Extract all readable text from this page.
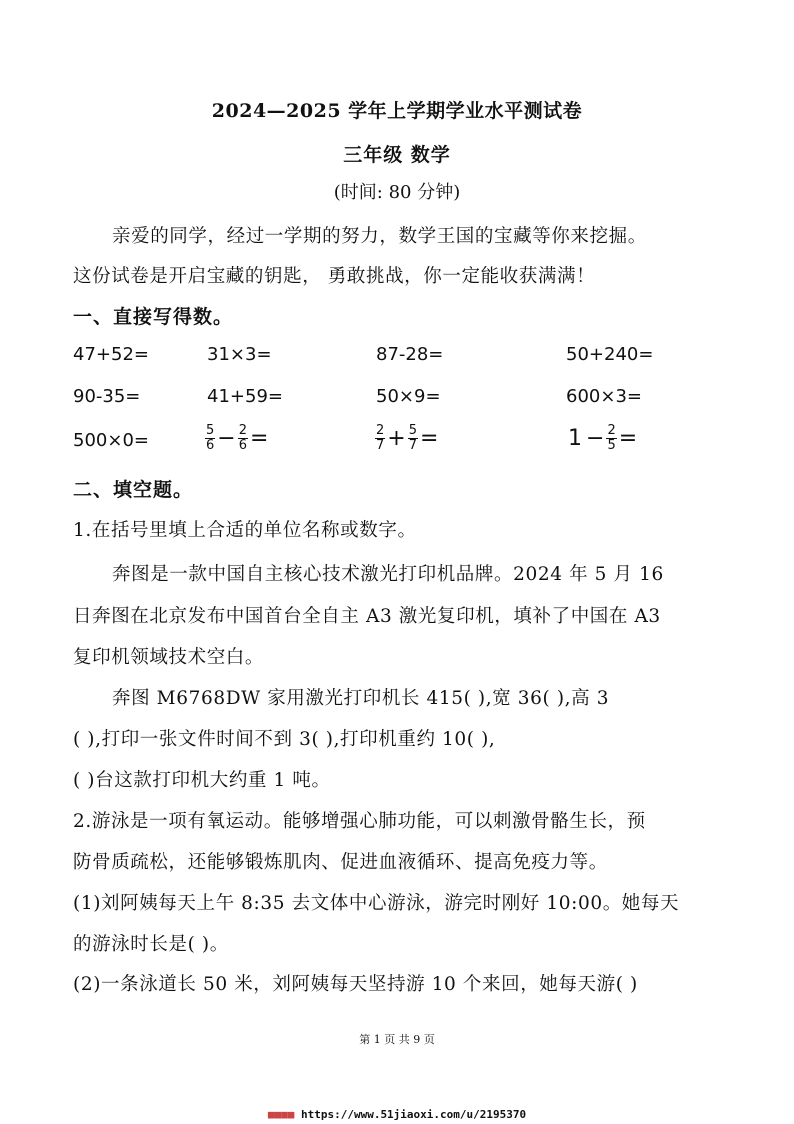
2024—2025 学年上学期学业水平测试卷
三年级 数学
(时间: 80 分钟)
亲爱的同学，经过一学期的努力，数学王国的宝藏等你来挖掘。
这份试卷是开启宝藏的钥匙， 勇敢挑战，你一定能收获满满！
一、直接写得数。
47+52=	31×3=	87-28=	50+240=
90-35=	41+59=	50×9=	600×3=
500×0=	$\frac{5}{6} - \frac{2}{6}$ =	$\frac{2}{7} + \frac{5}{7}$ =	$1 - \frac{2}{5}$ =
二、填空题。
1.在括号里填上合适的单位名称或数字。
奔图是一款中国自主核心技术激光打印机品牌。2024 年 5 月 16
日奔图在北京发布中国首台全自主 A3 激光复印机，填补了中国在 A3
复印机领域技术空白。
奔图 M6768DW 家用激光打印机长 415( ),宽 36( ),高 3
( ),打印一张文件时间不到 3( ),打印机重约 10( ),
( )台这款打印机大约重 1 吨。
2.游泳是一项有氧运动。能够增强心肺功能，可以刺激骨骼生长，预
防骨质疏松，还能够锻炼肌肉、促进血液循环、提高免疫力等。
(1)刘阿姨每天上午 8:35 去文体中心游泳，游完时刚好 10:00。她每天
的游泳时长是( )。
(2)一条泳道长 50 米，刘阿姨每天坚持游 10 个来回，她每天游( )
第 1 页 共 9 页
■■■■ https://www.51jiaoxi.com/u/2195370
